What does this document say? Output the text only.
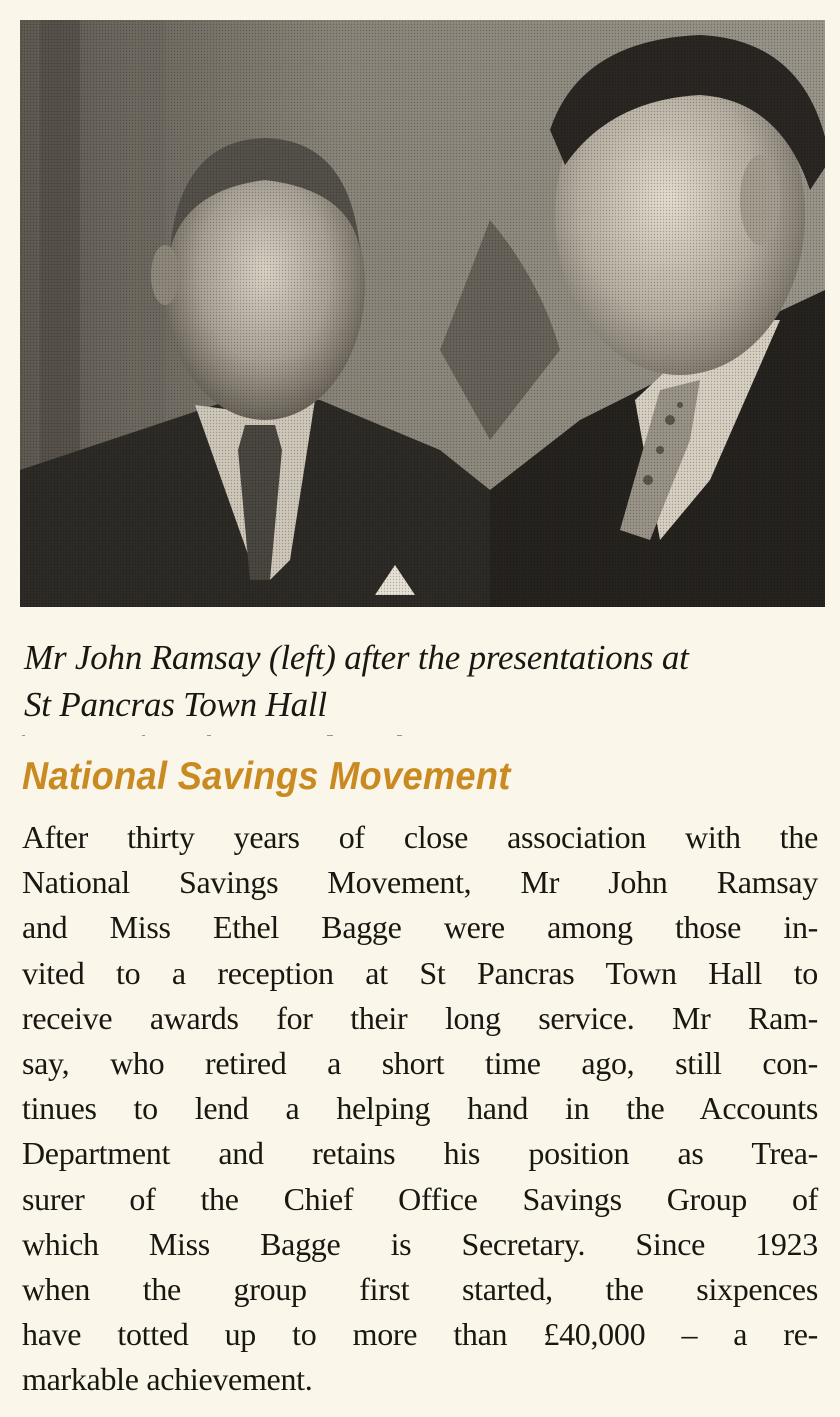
Mr John Ramsay (left) after the presentations at
St Pancras Town Hall

National Savings Movement
After thirty years of close association with the
National Savings Movement, Mr John Ramsay
and Miss Ethel Bagge were among those in-
vited to a reception at St Pancras Town Hall to
receive awards for their long service. Mr Ram-
say, who retired a short time ago, still con-
tinues to lend a helping hand in the Accounts
Department and retains his position as Trea-
surer of the Chief Office Savings Group of
which Miss Bagge is Secretary. Since 1923
when the group first started, the sixpences
have totted up to more than £40,000 – a re-
markable achievement.
